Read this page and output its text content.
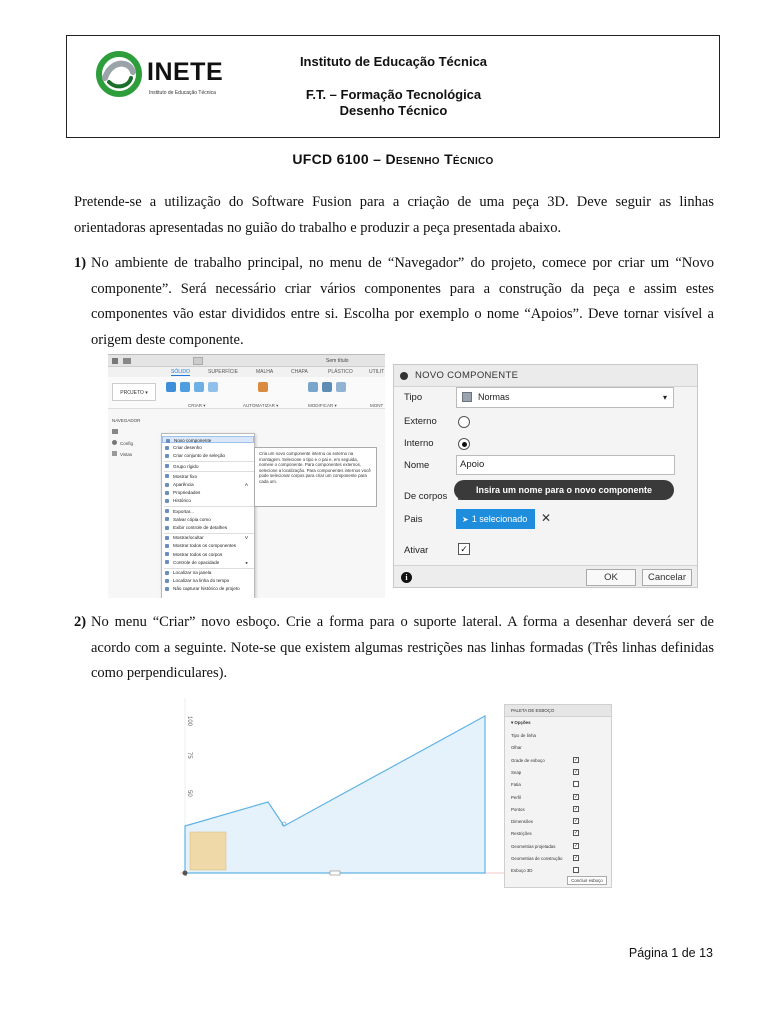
INETE
Instituto de Educação Técnica
Instituto de Educação Técnica
F.T. – Formação Tecnológica
Desenho Técnico
UFCD 6100 – Desenho Técnico
Pretende-se a utilização do Software Fusion para a criação de uma peça 3D. Deve seguir as linhas orientadoras apresentadas no guião do trabalho e produzir a peça presentada abaixo.
1) No ambiente de trabalho principal, no menu de “Navegador” do projeto, comece por criar um “Novo componente”. Será necessário criar vários componentes para a construção da peça e assim estes componentes vão estar divididos entre si. Escolha por exemplo o nome “Apoios”. Deve tornar visível a origem deste componente.
Sem título
SÓLIDO	SUPERFÍCIE	MALHA	CHAPA	PLÁSTICO	UTILIT
PROJETO ▾
CRIAR ▾	AUTOMATIZAR ▾	MODIFICAR ▾	MONT
NAVEGADOR
Config
Vistas
Novo componente
Criar desenho
Criar conjunto de seleção
Grupo rígido
Mostrar fixo
Aparência	A
Propriedades
Histórico
Exportar...
Salvar cópia como
Exibir controle de detalhes
Mostrar/ocultar	V
Mostrar todos os componentes
Mostrar todos os corpos
Controle de opacidade	▸
Localizar na janela
Localizar na linha do tempo
Não capturar histórico de projeto
Cria um novo componente interno ou externo na montagem. Selecione o tipo e o pai e, em seguida, nomeie o componente. Para componentes externos, selecione a localização. Para componentes internos você pode selecionar corpos para criar um componente para cada um.
NOVO COMPONENTE
Tipo	Normas	▾
Externo
Interno
Nome	Apoio
De corpos
Insira um nome para o novo componente
Pais	➤ 1 selecionado	✕
Ativar	✓
i	OK	Cancelar
2) No menu “Criar” novo esboço. Crie a forma para o suporte lateral. A forma a desenhar deverá ser de acordo com a seguinte. Note-se que existem algumas restrições nas linhas formadas (Três linhas definidas como perpendiculares).
100
75
50
PALETA DE ESBOÇO
▾ Opções
Tipo de linha
Olhar
Grade de esboço	✓
Snap	✓
Fatia
Perfil	✓
Pontos	✓
Dimensões	✓
Restrições	✓
Geometrias projetadas	✓
Geometrias de construção ✓
Esboço 3D
Concluir esboço
Página 1 de 13
